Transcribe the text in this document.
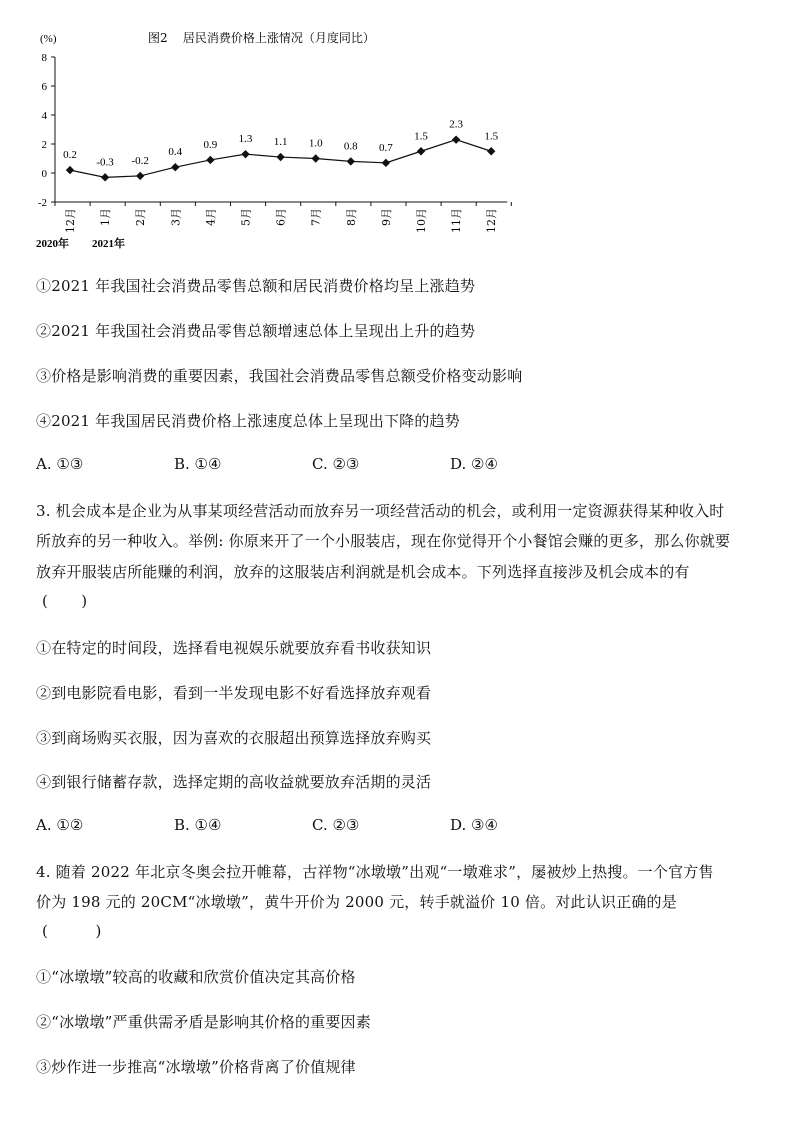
(%)	图2    居民消费价格上涨情况（月度同比）
8
6
4
2
0
-2
12月 1月 2月 3月 4月 5月 6月 7月 8月 9月 10月 11月 12月
0.2
-0.3 -0.2
0.4
0.9 1.3 1.1 1.0 0.8 0.7
1.5
2.3
1.5
2020年 2021年
①2021 年我国社会消费品零售总额和居民消费价格均呈上涨趋势
②2021 年我国社会消费品零售总额增速总体上呈现出上升的趋势
③价格是影响消费的重要因素，我国社会消费品零售总额受价格变动影响
④2021 年我国居民消费价格上涨速度总体上呈现出下降的趋势
A. ①③	B. ①④	C. ②③	D. ②④
3. 机会成本是企业为从事某项经营活动而放弃另一项经营活动的机会，或利用一定资源获得某种收入时
所放弃的另一种收入。举例: 你原来开了一个小服装店，现在你觉得开个小餐馆会赚的更多，那么你就要
放弃开服装店所能赚的利润，放弃的这服装店利润就是机会成本。下列选择直接涉及机会成本的有
(       )
①在特定的时间段，选择看电视娱乐就要放弃看书收获知识
②到电影院看电影，看到一半发现电影不好看选择放弃观看
③到商场购买衣服，因为喜欢的衣服超出预算选择放弃购买
④到银行储蓄存款，选择定期的高收益就要放弃活期的灵活
A. ①②	B. ①④	C. ②③	D. ③④
4. 随着 2022 年北京冬奥会拉开帷幕，古祥物“冰墩墩”出观“一墩难求”，屡被炒上热搜。一个官方售
价为 198 元的 20CM“冰墩墩”，黄牛开价为 2000 元，转手就溢价 10 倍。对此认识正确的是
(          )
①“冰墩墩”较高的收藏和欣赏价值决定其高价格
②“冰墩墩”严重供需矛盾是影响其价格的重要因素
③炒作进一步推高“冰墩墩”价格背离了价值规律
